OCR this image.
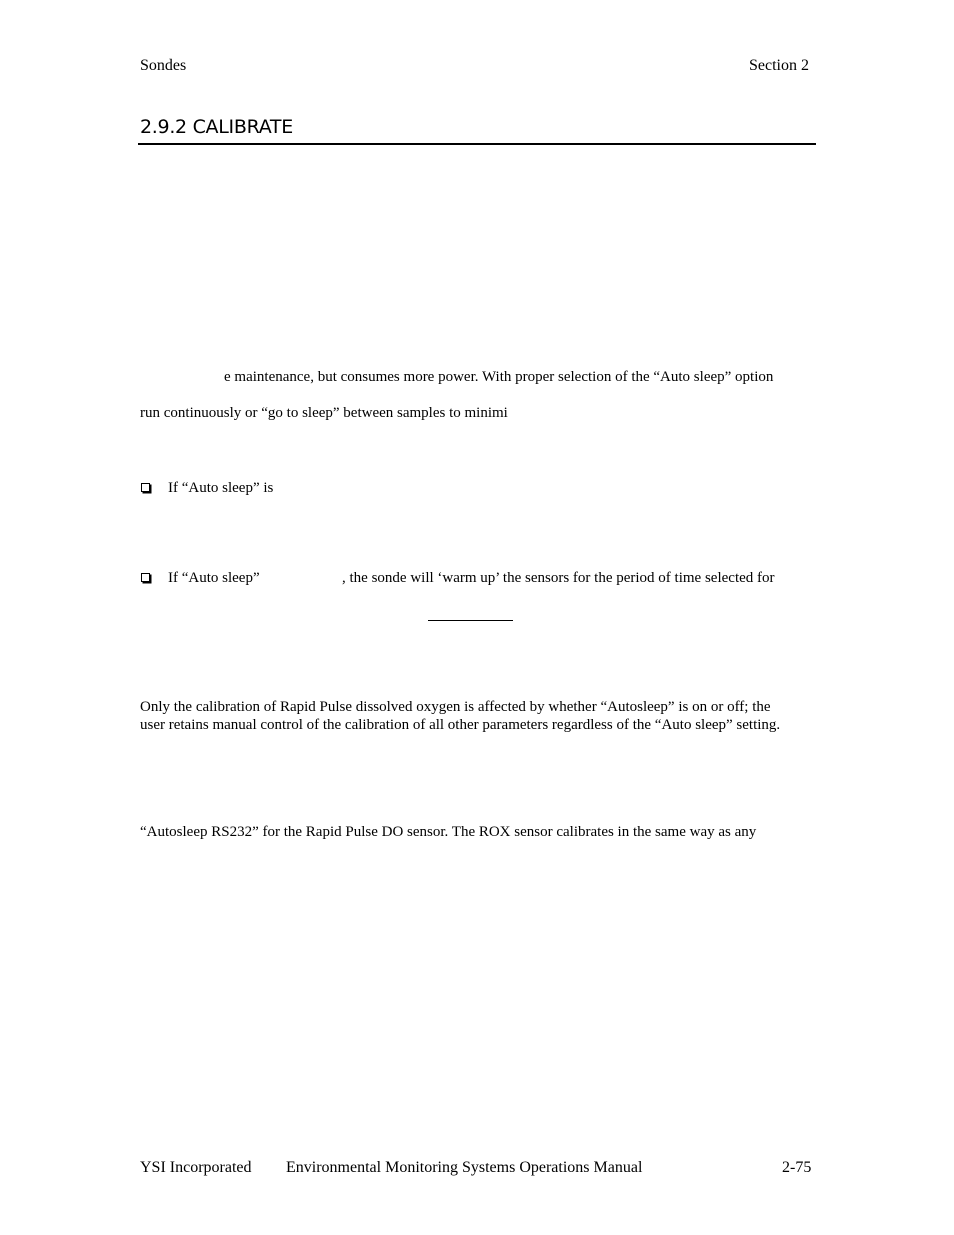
Sondes	Section 2
2.9.2 CALIBRATE
e maintenance, but consumes more power. With proper selection of the “Auto sleep” option
run continuously or “go to sleep” between samples to minimi
If “Auto sleep” is
If “Auto sleep”	, the sonde will ‘warm up’ the sensors for the period of time selected for
Only the calibration of Rapid Pulse dissolved oxygen is affected by whether “Autosleep” is on or off; the
user retains manual control of the calibration of all other parameters regardless of the “Auto sleep” setting.
“Autosleep RS232” for the Rapid Pulse DO sensor. The ROX sensor calibrates in the same way as any
YSI Incorporated Environmental Monitoring Systems Operations Manual	2-75
